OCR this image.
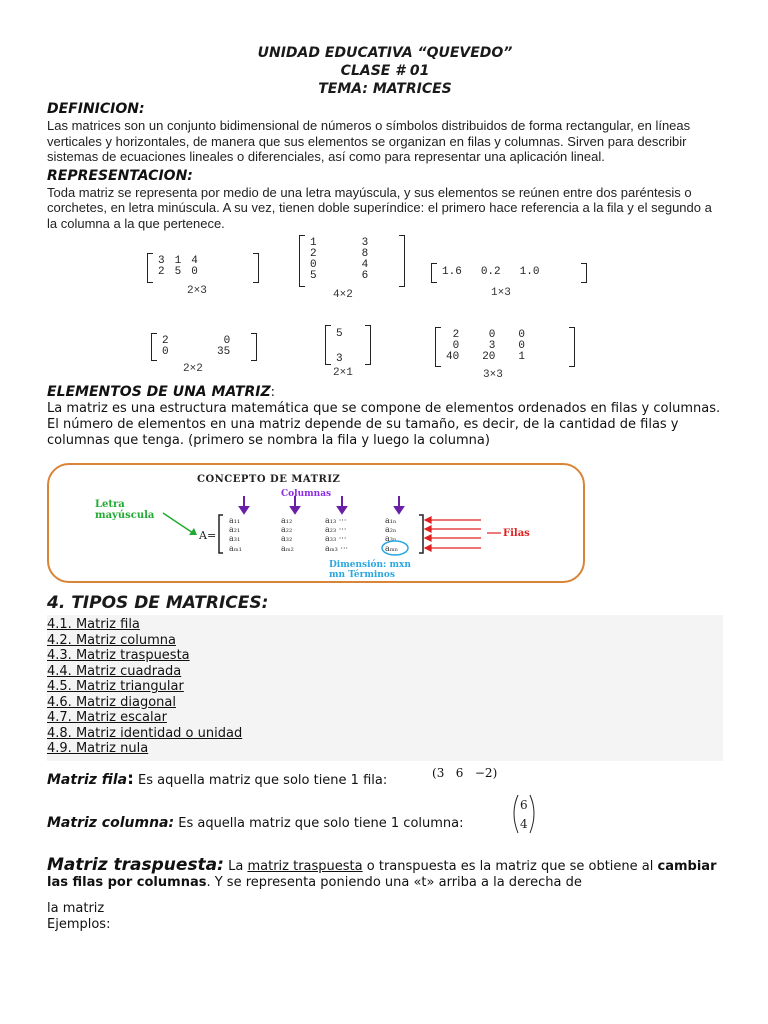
UNIDAD EDUCATIVA “QUEVEDO”
CLASE # 01
TEMA: MATRICES
DEFINICION:

Las matrices son un conjunto bidimensional de números o símbolos distribuidos de forma rectangular, en líneas verticales y horizontales, de manera que sus elementos se organizan en filas y columnas. Sirven para describir sistemas de ecuaciones lineales o diferenciales, así como para representar una aplicación lineal.

REPRESENTACION:

Toda matriz se representa por medio de una letra mayúscula, y sus elementos se reúnen entre dos paréntesis o corchetes, en letra minúscula. A su vez, tienen doble superíndice: el primero hace referencia a la fila y el segundo a la columna a la que pertenece.

3	1	4
2	5	0
2×3
1	3
2	8
0	4
5	6
4×2
1.6	0.2	1.0
1×3
2	0
0	35
2×2
5
3
2×1
2	0	0
0	3	0
40	20	1
3×3
ELEMENTOS DE UNA MATRIZ:

La matriz es una estructura matemática que se compone de elementos ordenados en filas y columnas. El número de elementos en una matriz depende de su tamaño, es decir, de la cantidad de filas y columnas que tenga. (primero se nombra la fila y luego la columna)

CONCEPTO DE MATRIZ
Columnas
Letra
mayúscula
A=
a₁₁	a₁₂	a₁₃ ···	a₁ₙ
a₂₁	a₂₂	a₂₃ ···	a₂ₙ
a₃₁	a₃₂	a₃₃ ···	a₃ₙ
aₘ₁	aₘ₂	aₘ₃ ···	aₘₙ
Filas
Dimensión: mxn
mn Términos
4. TIPOS DE MATRICES:
4.1. Matriz fila
4.2. Matriz columna
4.3. Matriz traspuesta
4.4. Matriz cuadrada
4.5. Matriz triangular
4.6. Matriz diagonal
4.7. Matriz escalar
4.8. Matriz identidad o unidad
4.9. Matriz nula
Matriz fila: Es aquella matriz que solo tiene 1 fila:	(3 6 −2)
Matriz columna: Es aquella matriz que solo tiene 1 columna:
6
4
Matriz traspuesta: La matriz traspuesta o transpuesta es la matriz que se obtiene al cambiar las filas por columnas. Y se representa poniendo una «t» arriba a la derecha de
la matriz
Ejemplos:
